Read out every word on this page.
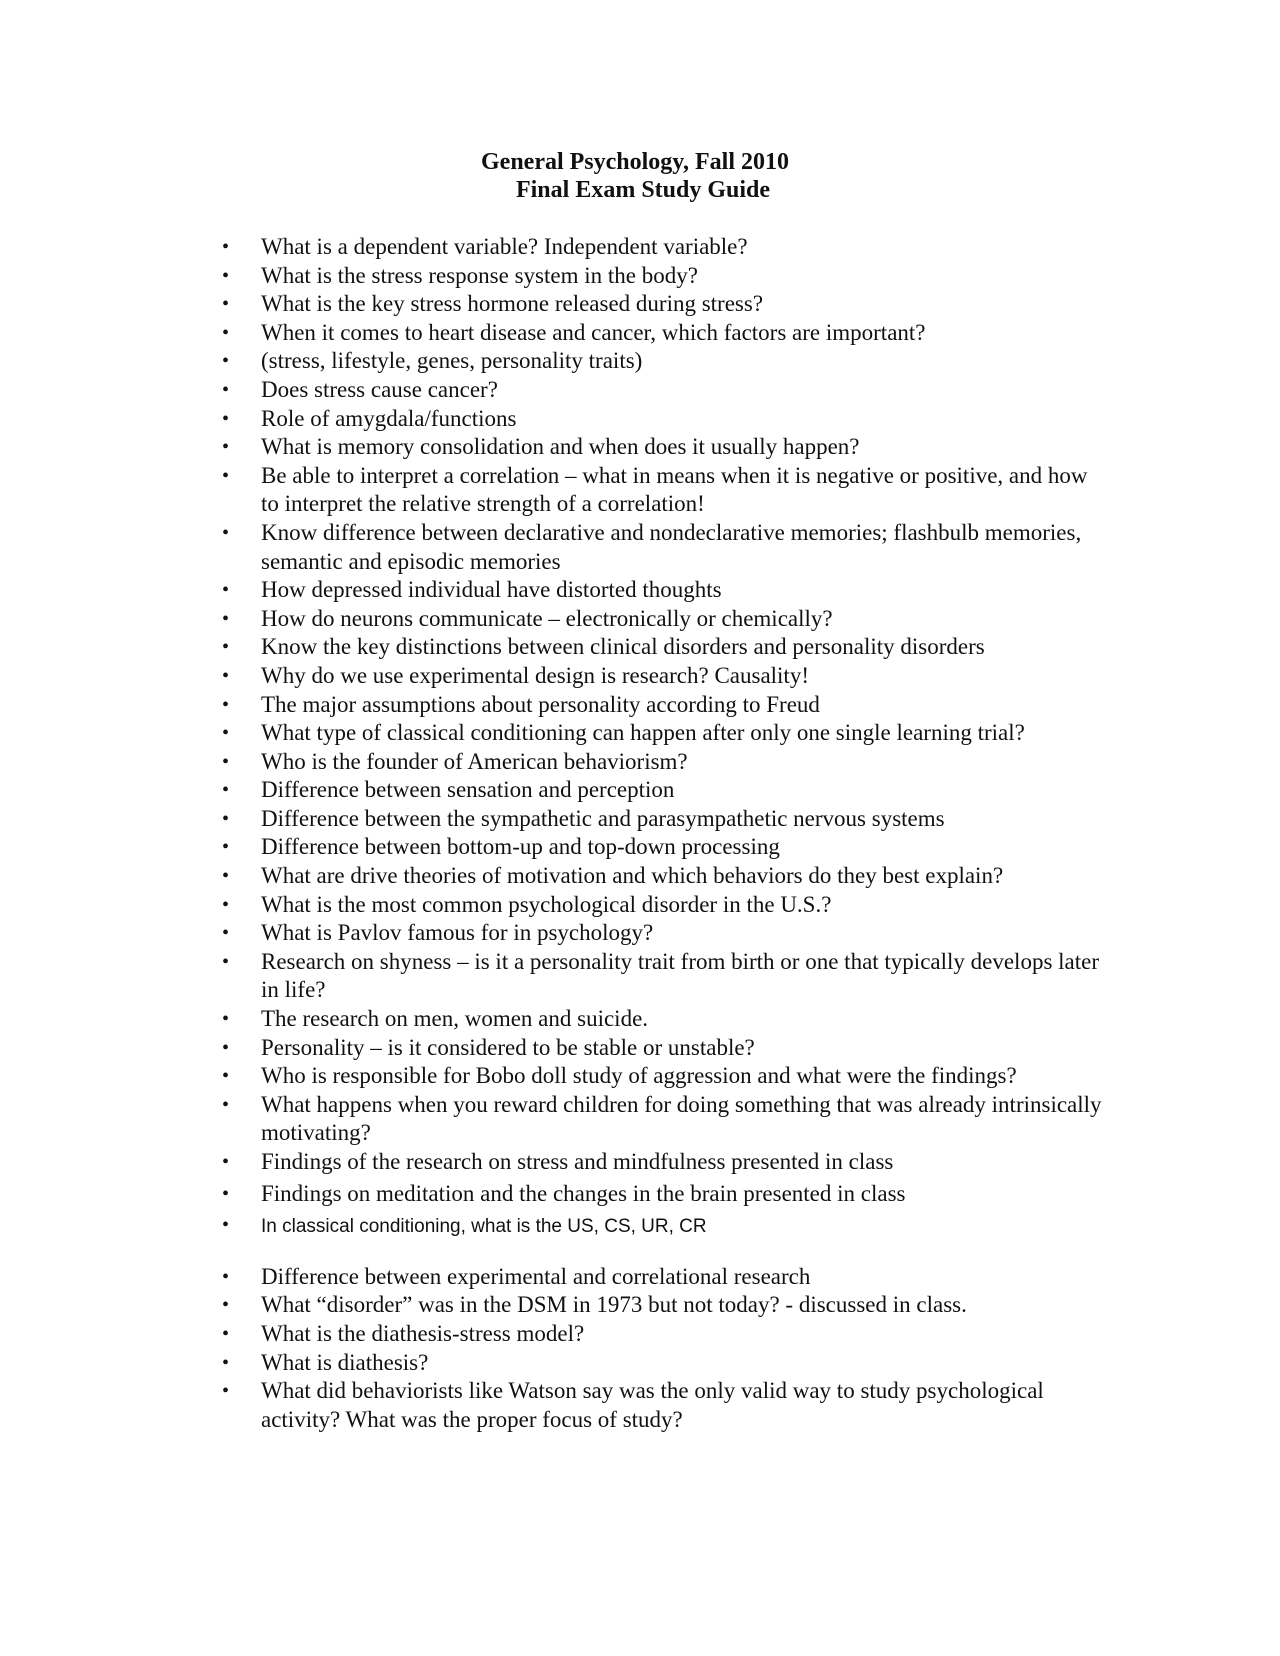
General Psychology, Fall 2010
Final Exam Study Guide
• What is a dependent variable? Independent variable?
• What is the stress response system in the body?
• What is the key stress hormone released during stress?
• When it comes to heart disease and cancer, which factors are important?
• (stress, lifestyle, genes, personality traits)
• Does stress cause cancer?
• Role of amygdala/functions
• What is memory consolidation and when does it usually happen?
• Be able to interpret a correlation – what in means when it is negative or positive, and how to interpret the relative strength of a correlation!
• Know difference between declarative and nondeclarative memories; flashbulb memories, semantic and episodic memories
• How depressed individual have distorted thoughts
• How do neurons communicate – electronically or chemically?
• Know the key distinctions between clinical disorders and personality disorders
• Why do we use experimental design is research? Causality!
• The major assumptions about personality according to Freud
• What type of classical conditioning can happen after only one single learning trial?
• Who is the founder of American behaviorism?
• Difference between sensation and perception
• Difference between the sympathetic and parasympathetic nervous systems
• Difference between bottom-up and top-down processing
• What are drive theories of motivation and which behaviors do they best explain?
• What is the most common psychological disorder in the U.S.?
• What is Pavlov famous for in psychology?
• Research on shyness – is it a personality trait from birth or one that typically develops later in life?
• The research on men, women and suicide.
• Personality – is it considered to be stable or unstable?
• Who is responsible for Bobo doll study of aggression and what were the findings?
• What happens when you reward children for doing something that was already intrinsically motivating?
• Findings of the research on stress and mindfulness presented in class
• Findings on meditation and the changes in the brain presented in class
• In classical conditioning, what is the US, CS, UR, CR
• Difference between experimental and correlational research
• What “disorder” was in the DSM in 1973 but not today? - discussed in class.
• What is the diathesis-stress model?
• What is diathesis?
• What did behaviorists like Watson say was the only valid way to study psychological activity? What was the proper focus of study?
